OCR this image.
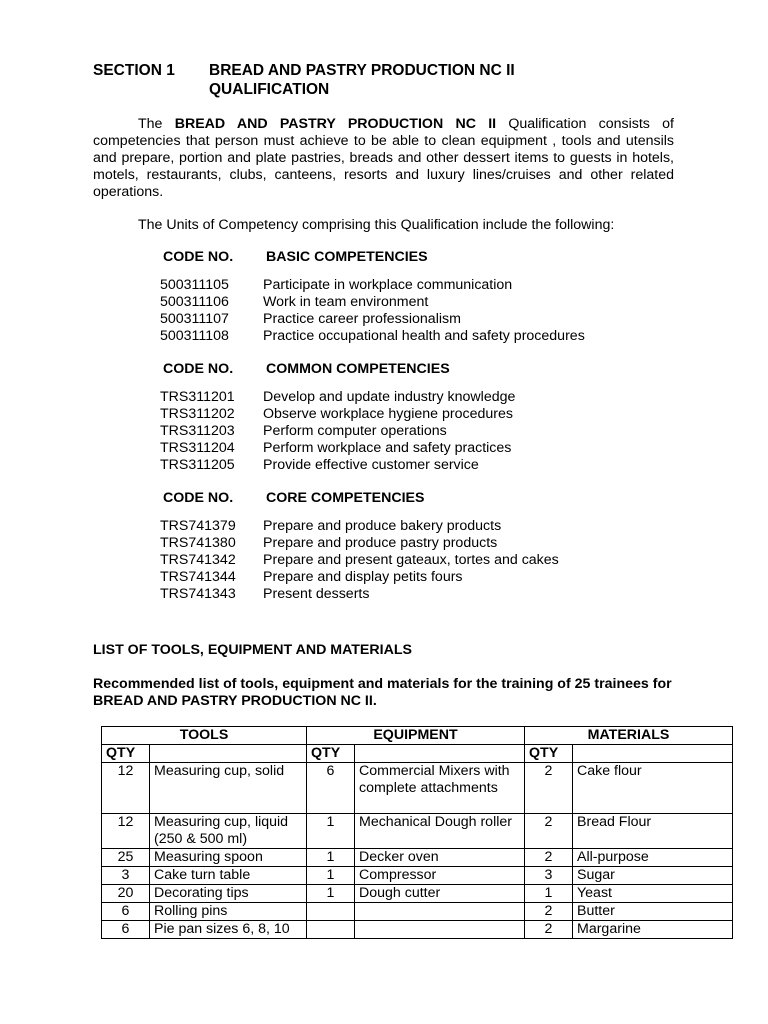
SECTION 1 BREAD AND PASTRY PRODUCTION NC II
QUALIFICATION

The BREAD AND PASTRY PRODUCTION NC II Qualification consists of competencies that person must achieve to be able to clean equipment , tools and utensils and prepare, portion and plate pastries, breads and other dessert items to guests in hotels, motels, restaurants, clubs, canteens, resorts and luxury lines/cruises and other related operations.

The Units of Competency comprising this Qualification include the following:

CODE NO. BASIC COMPETENCIES
500311105 Participate in workplace communication
500311106 Work in team environment
500311107 Practice career professionalism
500311108 Practice occupational health and safety procedures
CODE NO. COMMON COMPETENCIES
TRS311201 Develop and update industry knowledge
TRS311202 Observe workplace hygiene procedures
TRS311203 Perform computer operations
TRS311204 Perform workplace and safety practices
TRS311205 Provide effective customer service
CODE NO. CORE COMPETENCIES
TRS741379 Prepare and produce bakery products
TRS741380 Prepare and produce pastry products
TRS741342 Prepare and present gateaux, tortes and cakes
TRS741344 Prepare and display petits fours
TRS741343 Present desserts

LIST OF TOOLS, EQUIPMENT AND MATERIALS

Recommended list of tools, equipment and materials for the training of 25 trainees for BREAD AND PASTRY PRODUCTION NC II.

TOOLS		EQUIPMENT		MATERIALS	
QTY		QTY		QTY	
12	Measuring cup, solid	6	Commercial Mixers with complete attachments	2	Cake flour
12	Measuring cup, liquid (250 & 500 ml)	1	Mechanical Dough roller	2	Bread Flour
25	Measuring spoon	1	Decker oven	2	All-purpose
3	Cake turn table	1	Compressor	3	Sugar
20	Decorating tips	1	Dough cutter	1	Yeast
6	Rolling pins			2	Butter
6	Pie pan sizes 6, 8, 10			2	Margarine
